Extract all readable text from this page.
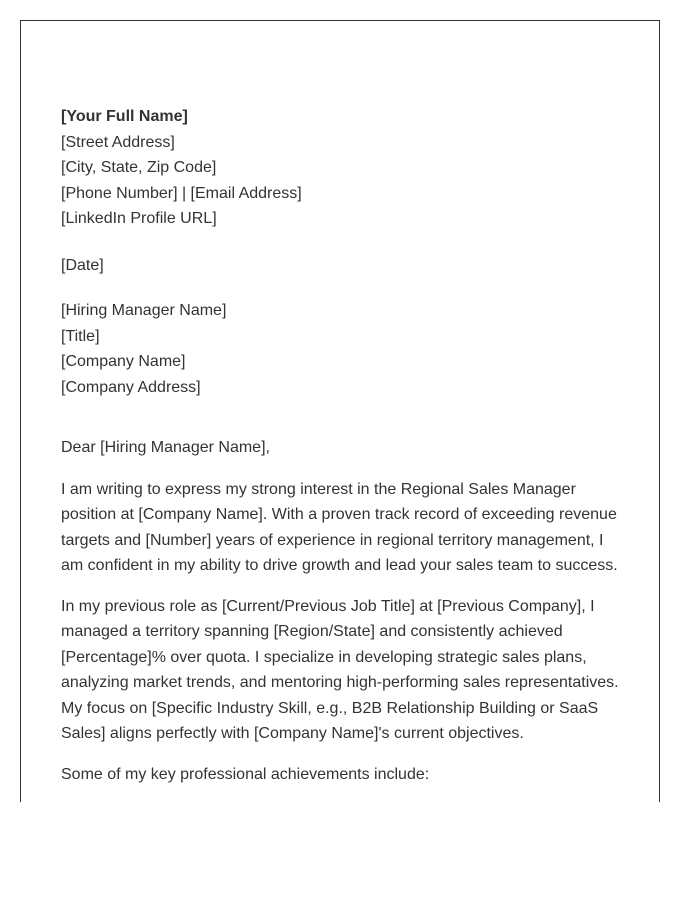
[Your Full Name]
[Street Address]
[City, State, Zip Code]
[Phone Number] | [Email Address]
[LinkedIn Profile URL]
[Date]
[Hiring Manager Name]
[Title]
[Company Name]
[Company Address]
Dear [Hiring Manager Name],
I am writing to express my strong interest in the Regional Sales Manager
position at [Company Name]. With a proven track record of exceeding revenue
targets and [Number] years of experience in regional territory management, I
am confident in my ability to drive growth and lead your sales team to success.
In my previous role as [Current/Previous Job Title] at [Previous Company], I
managed a territory spanning [Region/State] and consistently achieved
[Percentage]% over quota. I specialize in developing strategic sales plans,
analyzing market trends, and mentoring high-performing sales representatives.
My focus on [Specific Industry Skill, e.g., B2B Relationship Building or SaaS
Sales] aligns perfectly with [Company Name]'s current objectives.
Some of my key professional achievements include:
